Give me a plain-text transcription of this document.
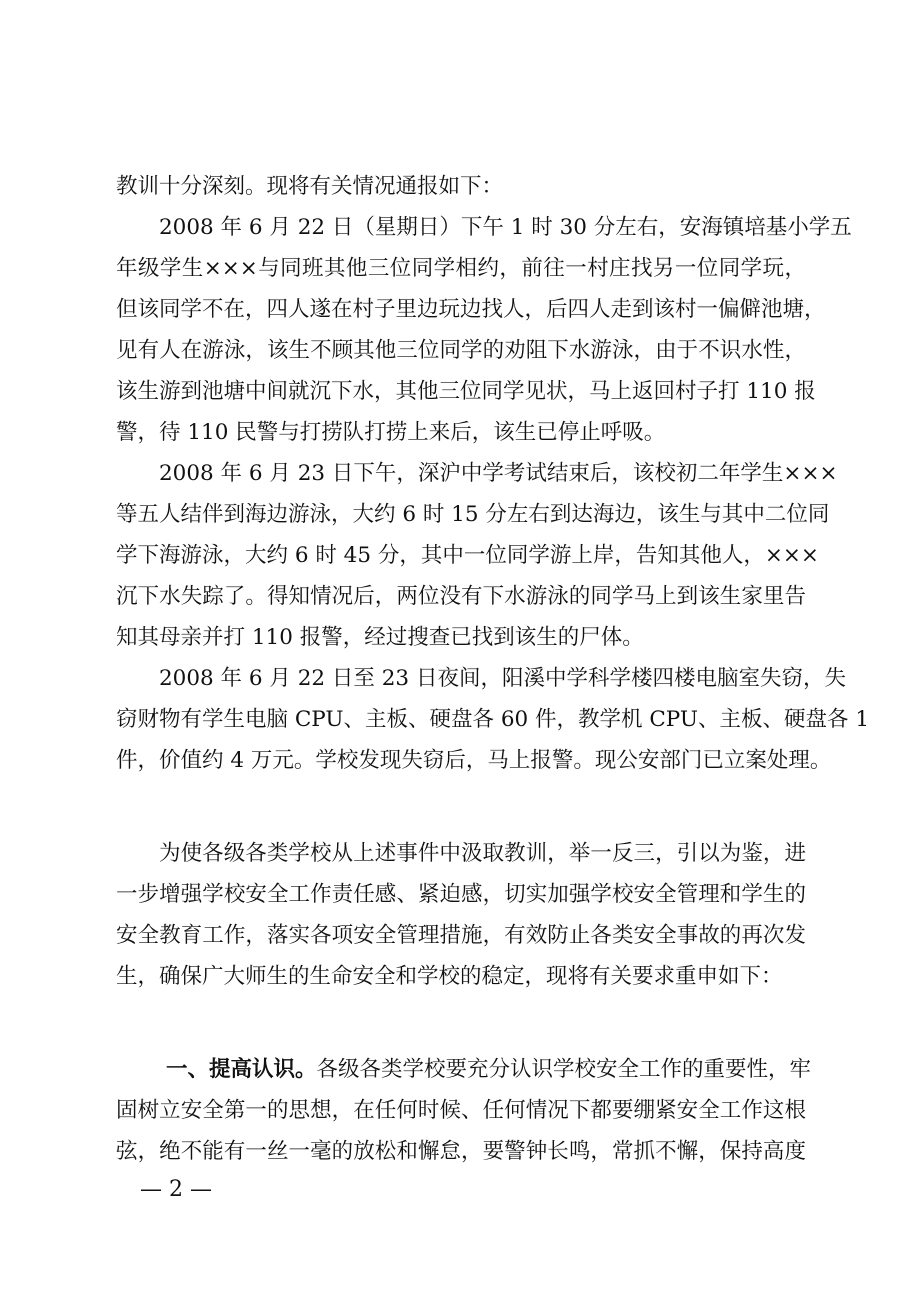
教训十分深刻。现将有关情况通报如下：
2008 年 6 月 22 日（星期日）下午 1 时 30 分左右，安海镇培基小学五
年级学生×××与同班其他三位同学相约，前往一村庄找另一位同学玩，
但该同学不在，四人遂在村子里边玩边找人，后四人走到该村一偏僻池塘，
见有人在游泳，该生不顾其他三位同学的劝阻下水游泳，由于不识水性，
该生游到池塘中间就沉下水，其他三位同学见状，马上返回村子打 110 报
警，待 110 民警与打捞队打捞上来后，该生已停止呼吸。
2008 年 6 月 23 日下午，深沪中学考试结束后，该校初二年学生×××
等五人结伴到海边游泳，大约 6 时 15 分左右到达海边，该生与其中二位同
学下海游泳，大约 6 时 45 分，其中一位同学游上岸，告知其他人，×××
沉下水失踪了。得知情况后，两位没有下水游泳的同学马上到该生家里告
知其母亲并打 110 报警，经过搜查已找到该生的尸体。
2008 年 6 月 22 日至 23 日夜间，阳溪中学科学楼四楼电脑室失窃，失
窃财物有学生电脑 CPU、主板、硬盘各 60 件，教学机 CPU、主板、硬盘各 1
件，价值约 4 万元。学校发现失窃后，马上报警。现公安部门已立案处理。
为使各级各类学校从上述事件中汲取教训，举一反三，引以为鉴，进
一步增强学校安全工作责任感、紧迫感，切实加强学校安全管理和学生的
安全教育工作，落实各项安全管理措施，有效防止各类安全事故的再次发
生，确保广大师生的生命安全和学校的稳定，现将有关要求重申如下：
一、提高认识。各级各类学校要充分认识学校安全工作的重要性，牢
固树立安全第一的思想，在任何时候、任何情况下都要绷紧安全工作这根
弦，绝不能有一丝一毫的放松和懈怠，要警钟长鸣，常抓不懈，保持高度
— 2 —
